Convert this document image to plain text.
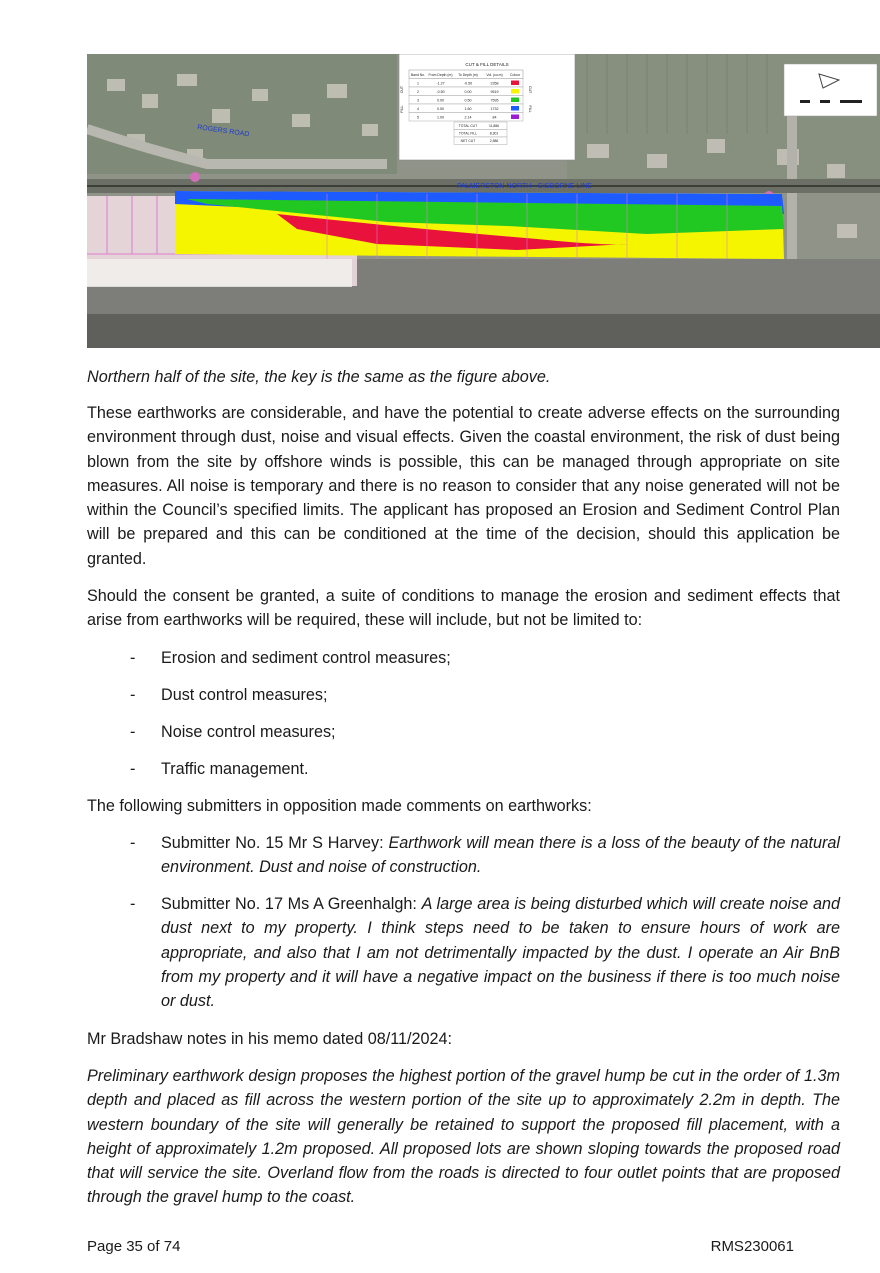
ROGERS ROAD
PALMERSTON NORTH - GISBORNE LINE
CUT & FILL DETAILS
Band No. From Depth (m) To Depth (m)	Vol. (cu.m) Colour
1	-1.27	-0.50	2358
2	-0.50	0.00	9519
3	0.00	0.50	7595
4	0.50	1.60	1732
5	1.00	2.14	84
CUT
FILL
CUT
FILL
TOTAL CUT	11,886
TOTAL FILL	8,301
NET CUT	2,586

Northern half of the site, the key is the same as the figure above.

These earthworks are considerable, and have the potential to create adverse effects on the surrounding environment through dust, noise and visual effects. Given the coastal environment, the risk of dust being blown from the site by offshore winds is possible, this can be managed through appropriate on site measures. All noise is temporary and there is no reason to consider that any noise generated will not be within the Council’s specified limits. The applicant has proposed an Erosion and Sediment Control Plan will be prepared and this can be conditioned at the time of the decision, should this application be granted.

Should the consent be granted, a suite of conditions to manage the erosion and sediment effects that arise from earthworks will be required, these will include, but not be limited to:

- Erosion and sediment control measures;
- Dust control measures;
- Noise control measures;
- Traffic management.

The following submitters in opposition made comments on earthworks:

- Submitter No. 15 Mr S Harvey: Earthwork will mean there is a loss of the beauty of the natural environment. Dust and noise of construction.
- Submitter No. 17 Ms A Greenhalgh: A large area is being disturbed which will create noise and dust next to my property. I think steps need to be taken to ensure hours of work are appropriate, and also that I am not detrimentally impacted by the dust. I operate an Air BnB from my property and it will have a negative impact on the business if there is too much noise or dust.

Mr Bradshaw notes in his memo dated 08/11/2024:

Preliminary earthwork design proposes the highest portion of the gravel hump be cut in the order of 1.3m depth and placed as fill across the western portion of the site up to approximately 2.2m in depth. The western boundary of the site will generally be retained to support the proposed fill placement, with a height of approximately 1.2m proposed. All proposed lots are shown sloping towards the proposed road that will service the site. Overland flow from the roads is directed to four outlet points that are proposed through the gravel hump to the coast.

Page 35 of 74	RMS230061
